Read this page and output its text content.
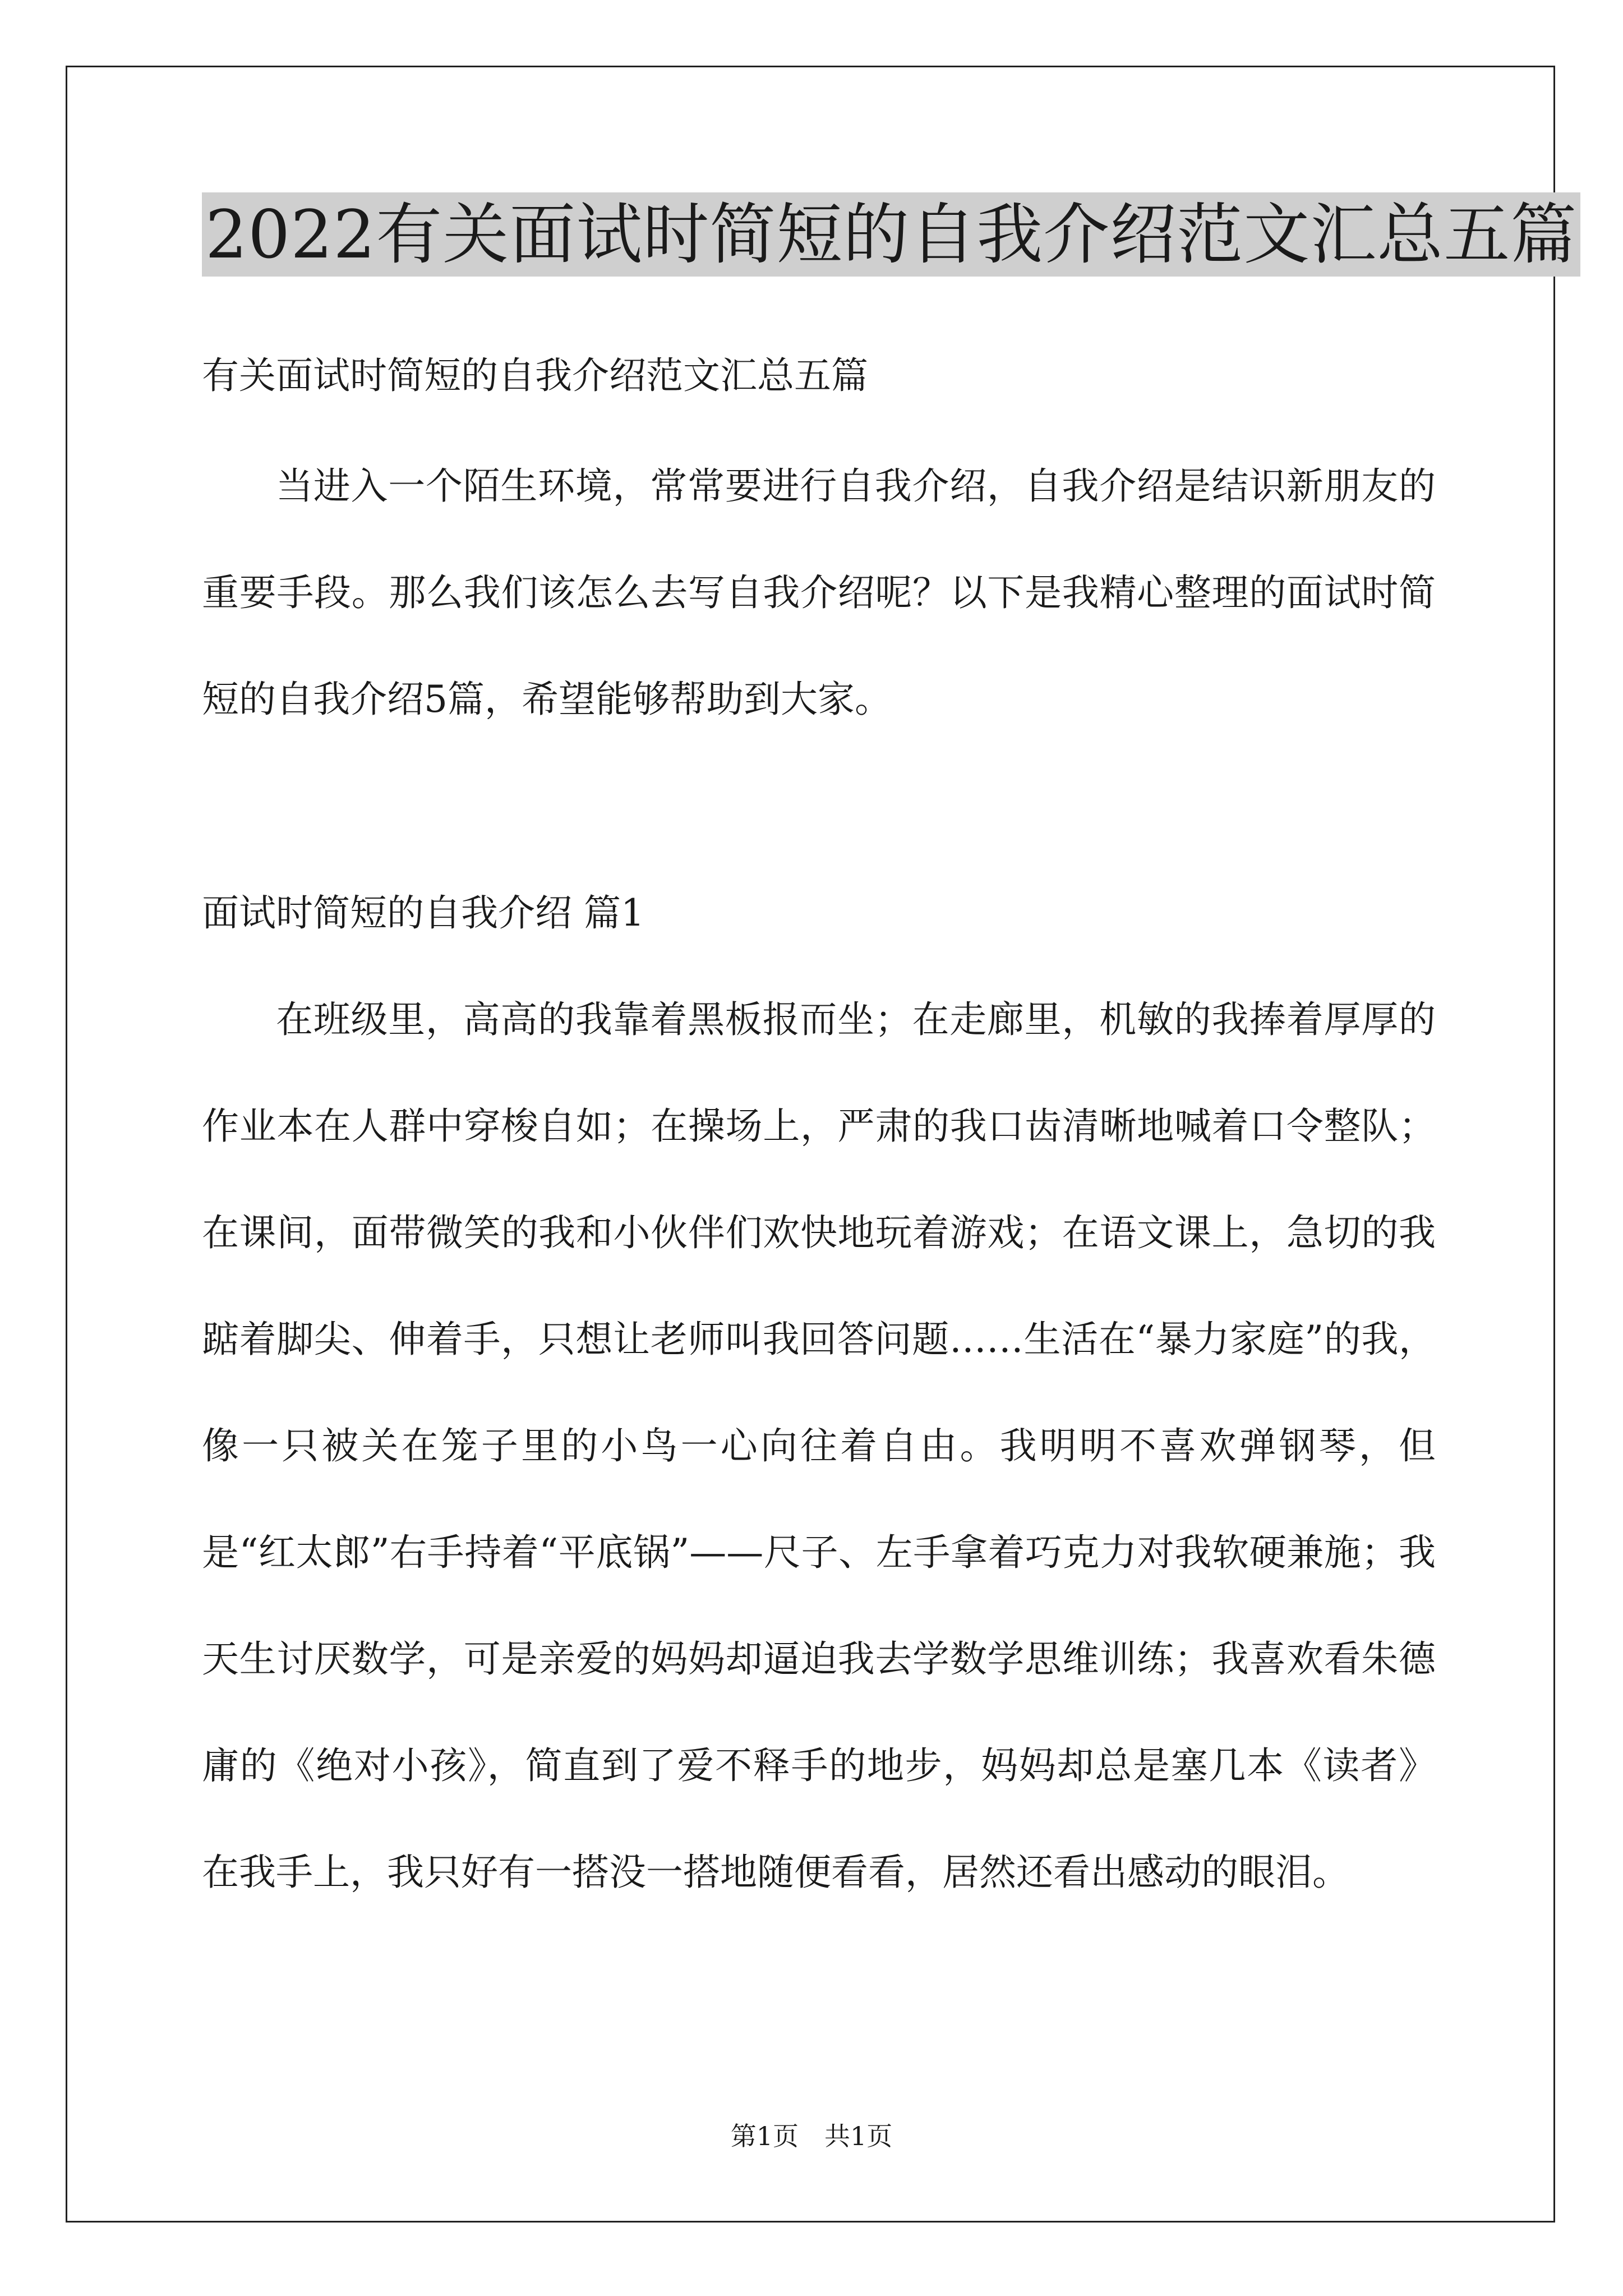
2022有关面试时简短的自我介绍范文汇总五篇
有关面试时简短的自我介绍范文汇总五篇

当进入一个陌生环境，常常要进行自我介绍，自我介绍是结识新朋友的重要手段。那么我们该怎么去写自我介绍呢？以下是我精心整理的面试时简短的自我介绍5篇，希望能够帮助到大家。

面试时简短的自我介绍 篇1

在班级里，高高的我靠着黑板报而坐；在走廊里，机敏的我捧着厚厚的作业本在人群中穿梭自如；在操场上，严肃的我口齿清晰地喊着口令整队；在课间，面带微笑的我和小伙伴们欢快地玩着游戏；在语文课上，急切的我踮着脚尖、伸着手，只想让老师叫我回答问题……生活在“暴力家庭”的我，像一只被关在笼子里的小鸟一心向往着自由。我明明不喜欢弹钢琴，但是“红太郎”右手持着“平底锅”——尺子、左手拿着巧克力对我软硬兼施；我天生讨厌数学，可是亲爱的妈妈却逼迫我去学数学思维训练；我喜欢看朱德庸的《绝对小孩》，简直到了爱不释手的地步，妈妈却总是塞几本《读者》在我手上，我只好有一搭没一搭地随便看看，居然还看出感动的眼泪。

第1页　共1页
